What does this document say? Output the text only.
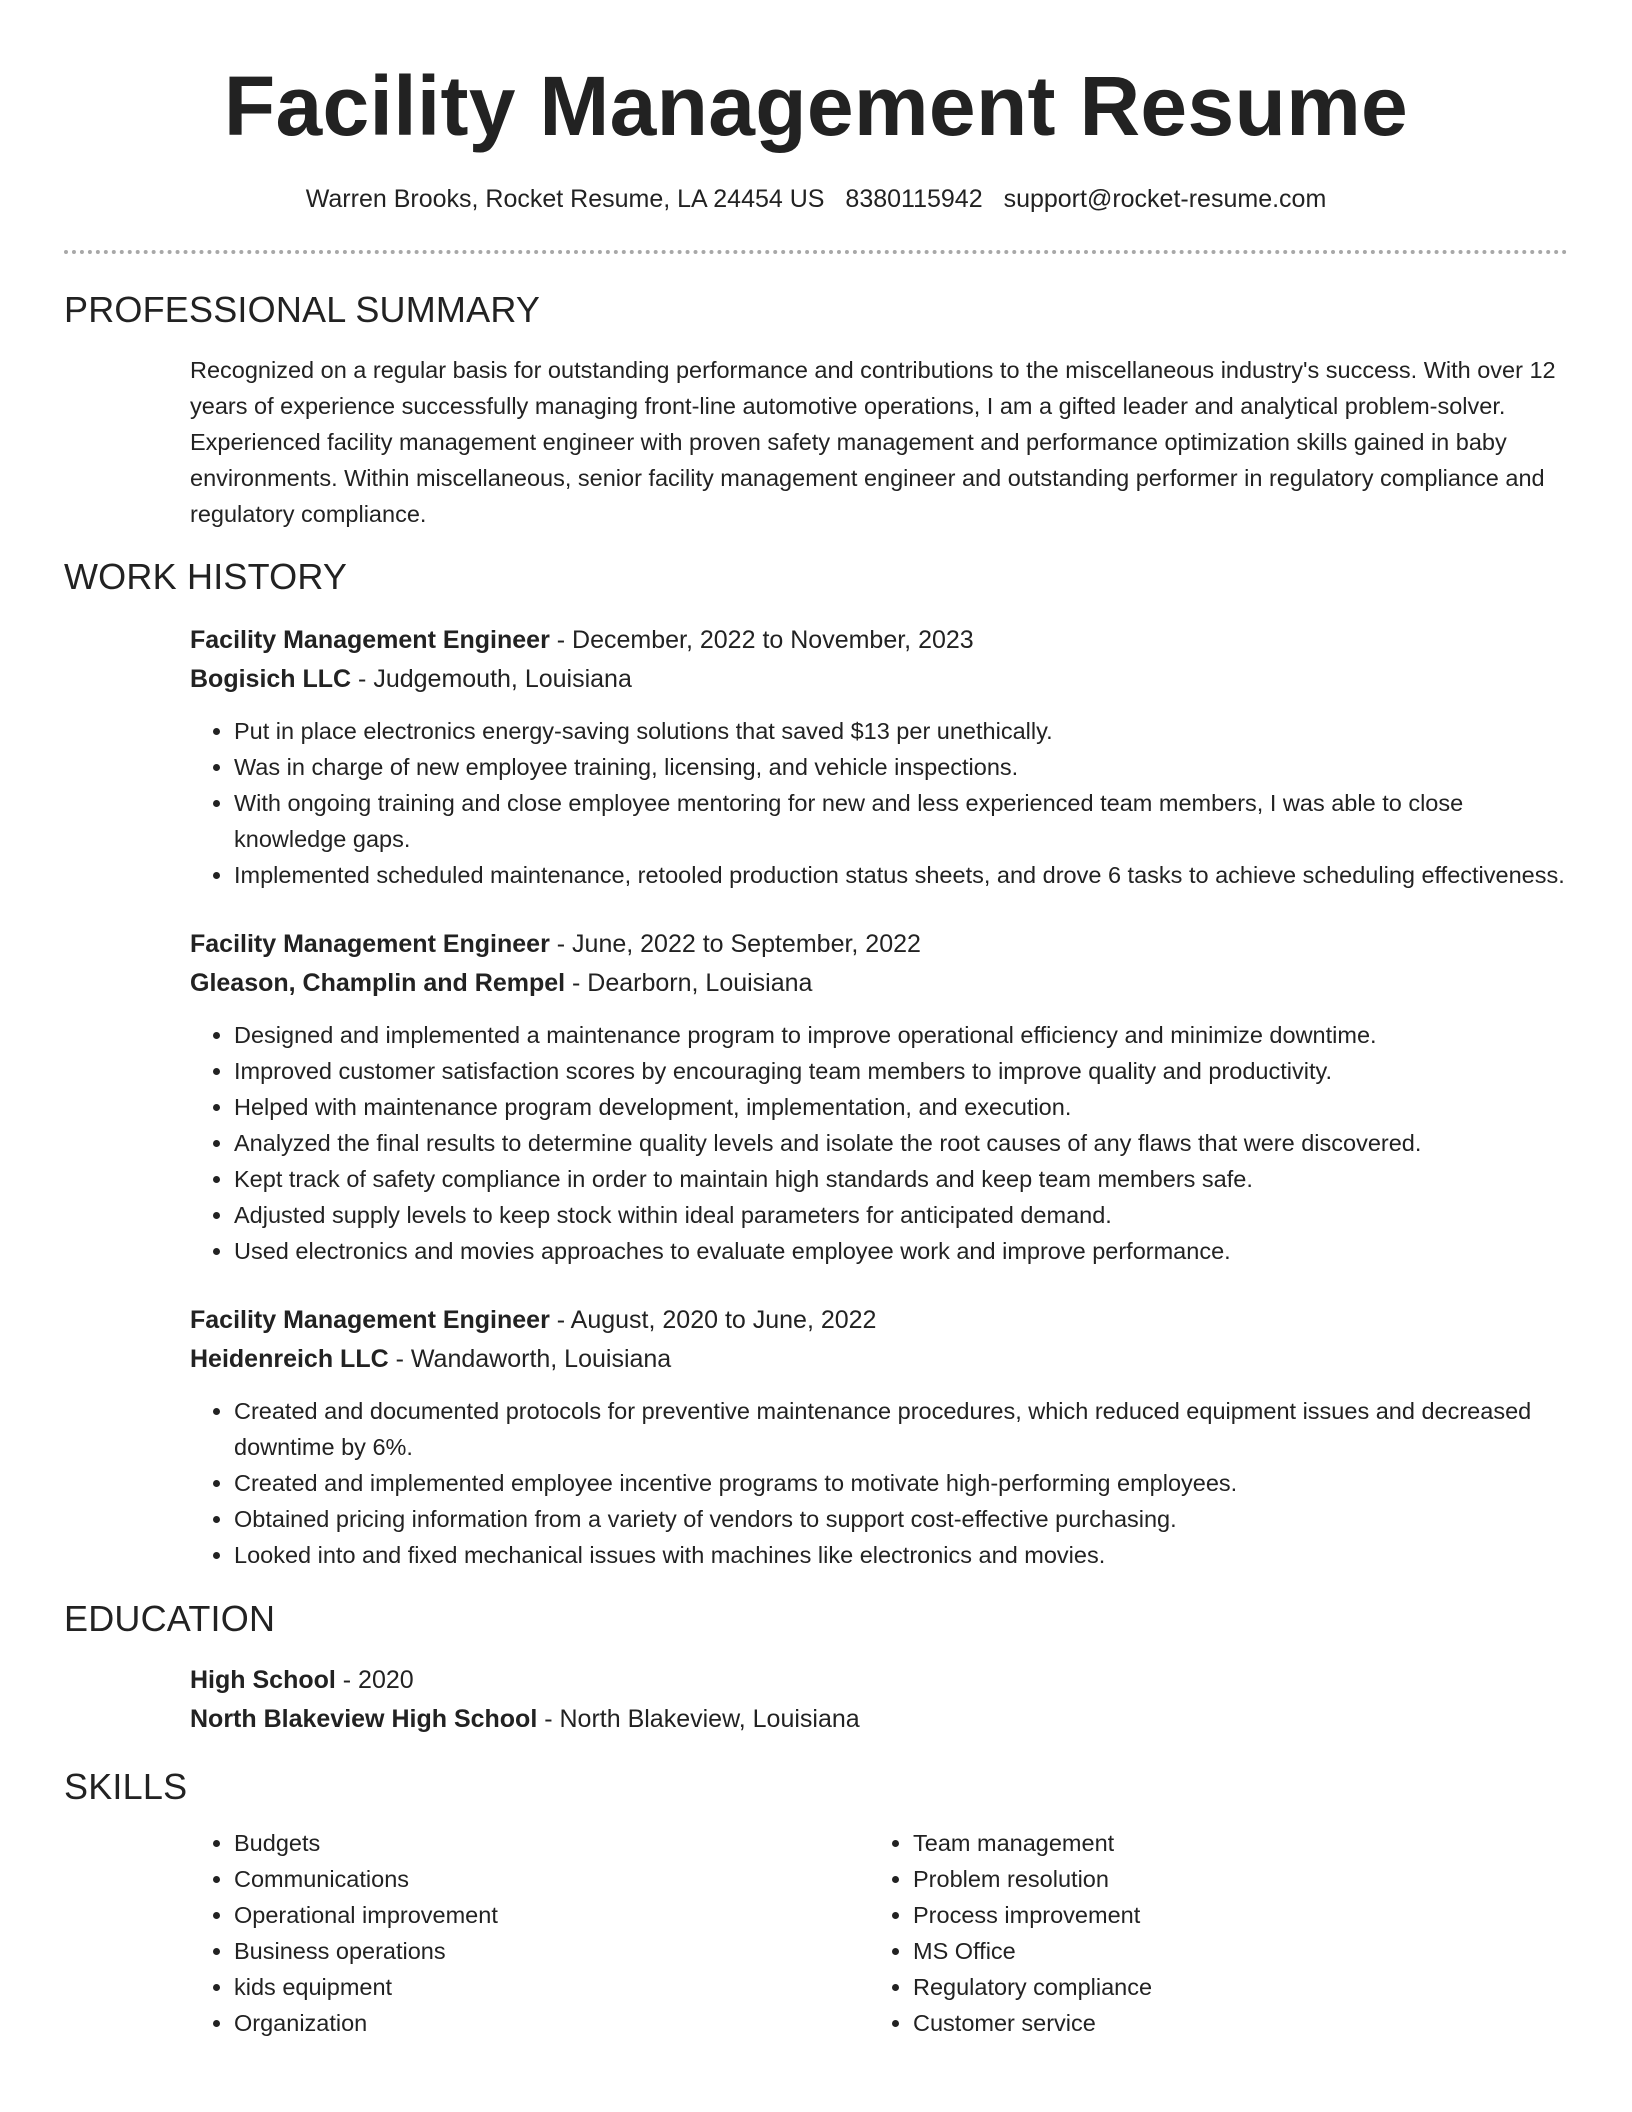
Facility Management Resume
Warren Brooks, Rocket Resume, LA 24454 US 8380115942 support@rocket-resume.com
PROFESSIONAL SUMMARY

Recognized on a regular basis for outstanding performance and contributions to the miscellaneous industry's success. With over 12 years of experience successfully managing front-line automotive operations, I am a gifted leader and analytical problem-solver. Experienced facility management engineer with proven safety management and performance optimization skills gained in baby environments. Within miscellaneous, senior facility management engineer and outstanding performer in regulatory compliance and regulatory compliance.

WORK HISTORY

Facility Management Engineer - December, 2022 to November, 2023

Bogisich LLC - Judgemouth, Louisiana

• Put in place electronics energy-saving solutions that saved $13 per unethically.
• Was in charge of new employee training, licensing, and vehicle inspections.
• With ongoing training and close employee mentoring for new and less experienced team members, I was able to close knowledge gaps.
• Implemented scheduled maintenance, retooled production status sheets, and drove 6 tasks to achieve scheduling effectiveness.

Facility Management Engineer - June, 2022 to September, 2022

Gleason, Champlin and Rempel - Dearborn, Louisiana

• Designed and implemented a maintenance program to improve operational efficiency and minimize downtime.
• Improved customer satisfaction scores by encouraging team members to improve quality and productivity.
• Helped with maintenance program development, implementation, and execution.
• Analyzed the final results to determine quality levels and isolate the root causes of any flaws that were discovered.
• Kept track of safety compliance in order to maintain high standards and keep team members safe.
• Adjusted supply levels to keep stock within ideal parameters for anticipated demand.
• Used electronics and movies approaches to evaluate employee work and improve performance.

Facility Management Engineer - August, 2020 to June, 2022

Heidenreich LLC - Wandaworth, Louisiana

• Created and documented protocols for preventive maintenance procedures, which reduced equipment issues and decreased downtime by 6%.
• Created and implemented employee incentive programs to motivate high-performing employees.
• Obtained pricing information from a variety of vendors to support cost-effective purchasing.
• Looked into and fixed mechanical issues with machines like electronics and movies.
EDUCATION

High School - 2020

North Blakeview High School - North Blakeview, Louisiana

SKILLS
• Budgets
• Communications
• Operational improvement
• Business operations
• kids equipment
• Organization
• Team management
• Problem resolution
• Process improvement
• MS Office
• Regulatory compliance
• Customer service
